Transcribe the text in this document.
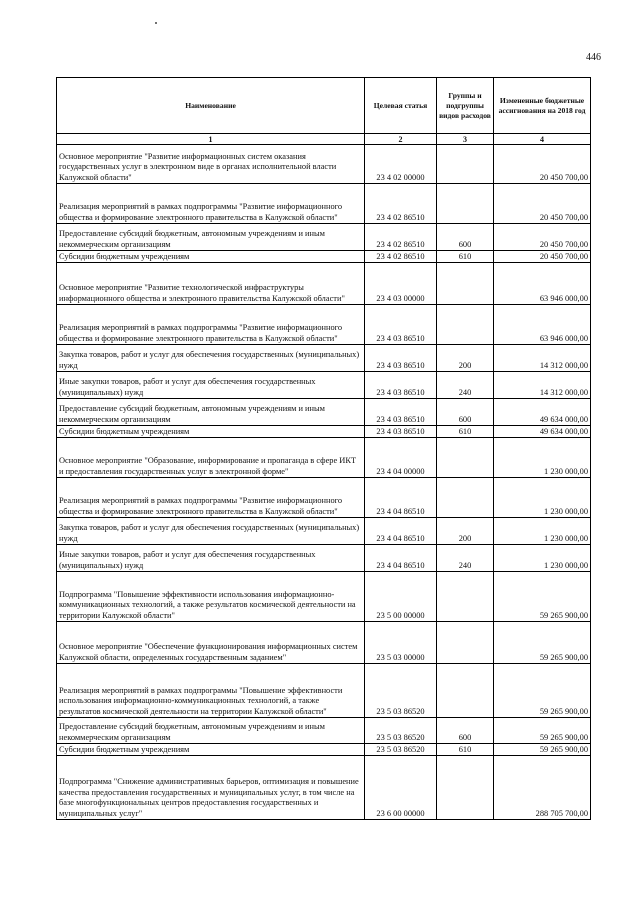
446
Наименование	Целевая статья	Группы и подгруппы видов расходов	Измененные бюджетные ассигнования на 2018 год
1	2	3	4
Основное мероприятие "Развитие информационных систем оказания государственных услуг в электронном виде в органах исполнительной власти Калужской области"	23 4 02 00000		20 450 700,00
Реализация мероприятий в рамках подпрограммы "Развитие информационного общества и формирование электронного правительства в Калужской области"	23 4 02 86510		20 450 700,00
Предоставление субсидий бюджетным, автономным учреждениям и иным некоммерческим организациям	23 4 02 86510	600	20 450 700,00
Субсидии бюджетным учреждениям	23 4 02 86510	610	20 450 700,00
Основное мероприятие "Развитие технологической инфраструктуры информационного общества и электронного правительства Калужской области"	23 4 03 00000		63 946 000,00
Реализация мероприятий в рамках подпрограммы "Развитие информационного общества и формирование электронного правительства в Калужской области"	23 4 03 86510		63 946 000,00
Закупка товаров, работ и услуг для обеспечения государственных (муниципальных) нужд	23 4 03 86510	200	14 312 000,00
Иные закупки товаров, работ и услуг для обеспечения государственных (муниципальных) нужд	23 4 03 86510	240	14 312 000,00
Предоставление субсидий бюджетным, автономным учреждениям и иным некоммерческим организациям	23 4 03 86510	600	49 634 000,00
Субсидии бюджетным учреждениям	23 4 03 86510	610	49 634 000,00
Основное мероприятие "Образование, информирование и пропаганда в сфере ИКТ и предоставления государственных услуг в электронной форме"	23 4 04 00000		1 230 000,00
Реализация мероприятий в рамках подпрограммы "Развитие информационного общества и формирование электронного правительства в Калужской области"	23 4 04 86510		1 230 000,00
Закупка товаров, работ и услуг для обеспечения государственных (муниципальных) нужд	23 4 04 86510	200	1 230 000,00
Иные закупки товаров, работ и услуг для обеспечения государственных (муниципальных) нужд	23 4 04 86510	240	1 230 000,00
Подпрограмма "Повышение эффективности использования информационно-коммуникационных технологий, а также результатов космической деятельности на территории Калужской области"	23 5 00 00000		59 265 900,00
Основное мероприятие "Обеспечение функционирования информационных систем Калужской области, определенных государственным заданием"	23 5 03 00000		59 265 900,00
Реализация мероприятий в рамках подпрограммы "Повышение эффективности использования информационно-коммуникационных технологий, а также результатов космической деятельности на территории Калужской области"	23 5 03 86520		59 265 900,00
Предоставление субсидий бюджетным, автономным учреждениям и иным некоммерческим организациям	23 5 03 86520	600	59 265 900,00
Субсидии бюджетным учреждениям	23 5 03 86520	610	59 265 900,00
Подпрограмма "Снижение административных барьеров, оптимизация и повышение качества предоставления государственных и муниципальных услуг, в том числе на базе многофункциональных центров предоставления государственных и муниципальных услуг"	23 6 00 00000		288 705 700,00
